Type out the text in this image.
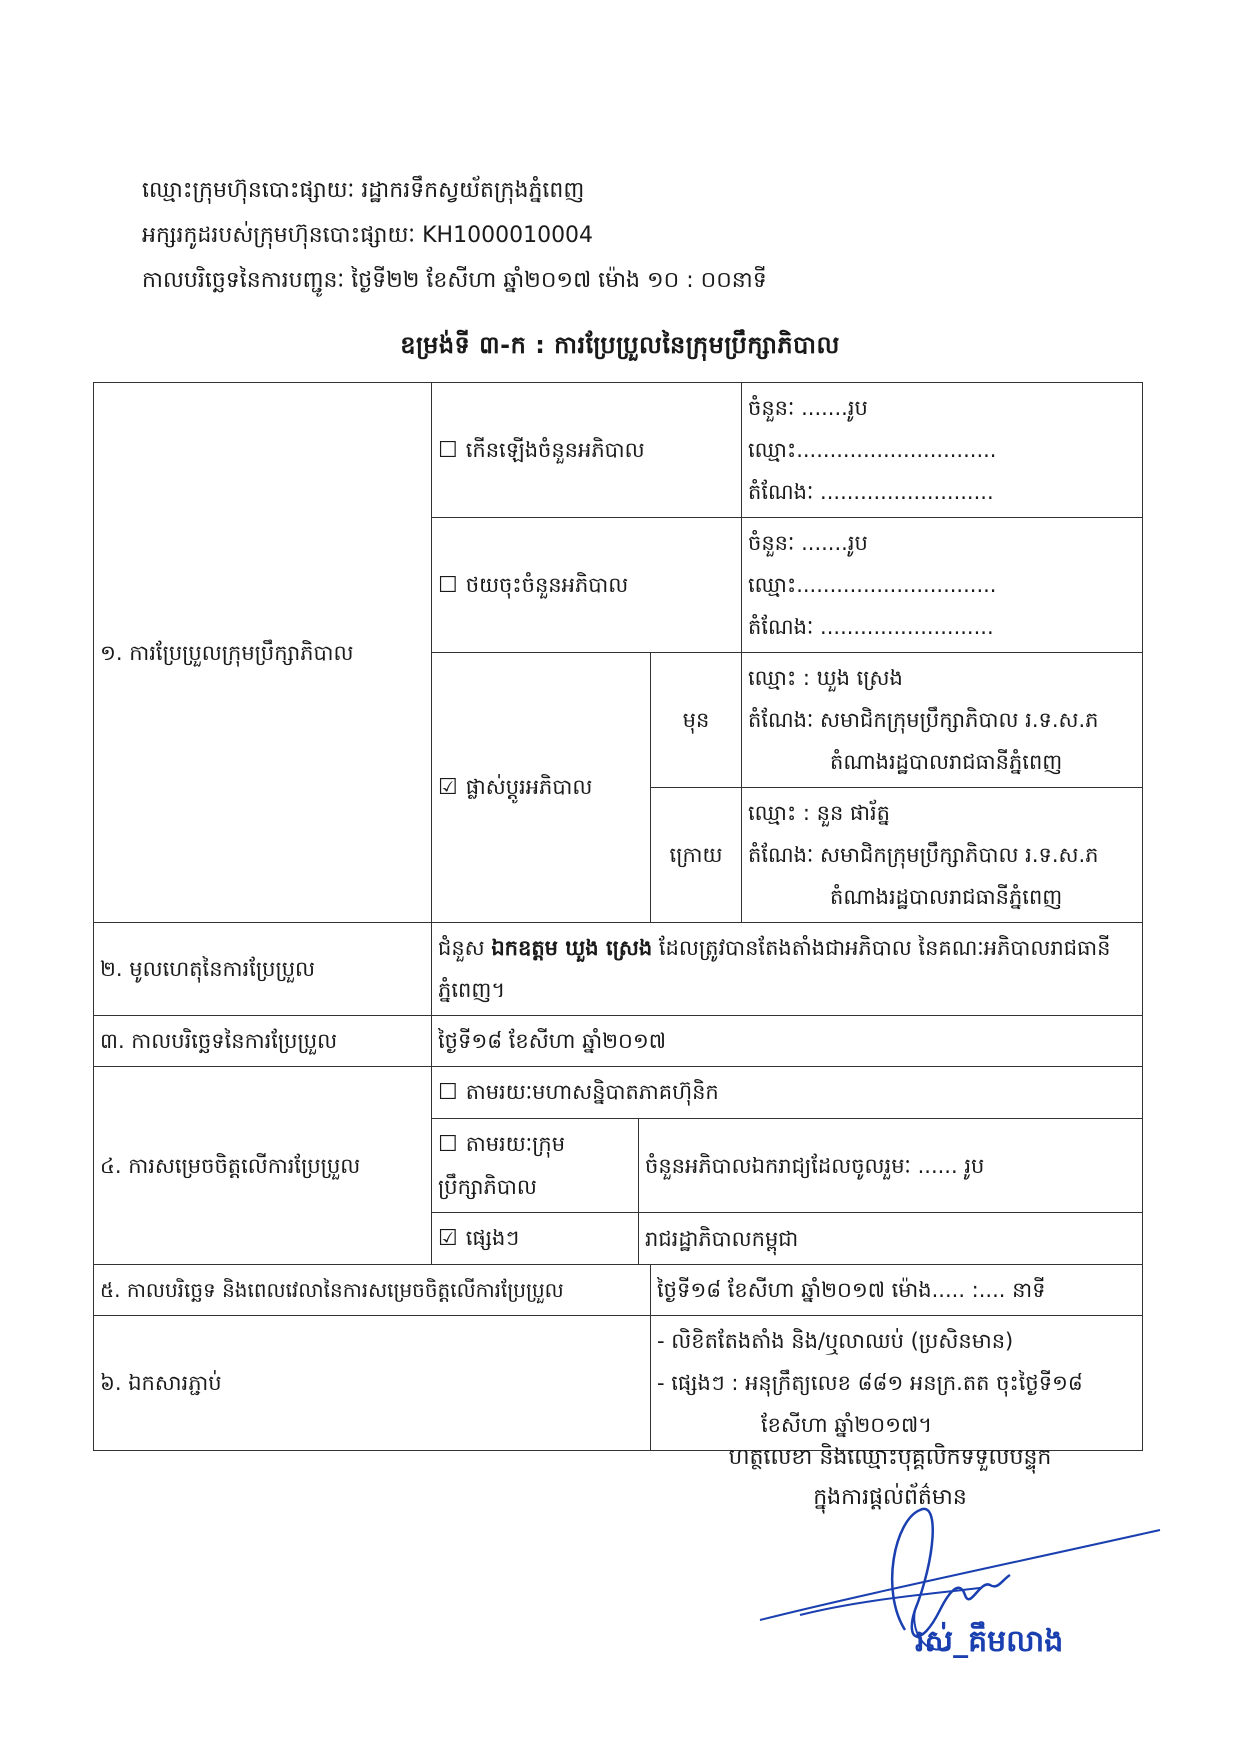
ឈ្មោះក្រុមហ៊ុនបោះផ្សាយៈ រដ្ឋាករទឹកស្វយ័តក្រុងភ្នំពេញ
អក្សរកូដរបស់ក្រុមហ៊ុនបោះផ្សាយៈ KH1000010004
កាលបរិច្ឆេទនៃការបញ្ជូនៈ ថ្ងៃទី២២ ខែសីហា ឆ្នាំ២០១៧ ម៉ោង ១០ : ០០នាទី
ឧម្រង់ទី ៣-ក : ការប្រែប្រួលនៃក្រុមប្រឹក្សាភិបាល
១. ការប្រែប្រួលក្រុមប្រឹក្សាភិបាល	☐ កើនឡើងចំនួនអភិបាល			ចំនួនៈ .......រូប
ឈ្មោះ..............................
តំណែងៈ ..........................

	☐ ថយចុះចំនួនអភិបាល			ចំនួនៈ .......រូប
ឈ្មោះ..............................
តំណែងៈ ..........................

	☑ ផ្លាស់ប្ដូរអភិបាល		មុន	ឈ្មោះ : ឃួង ស្រេង
តំណែងៈ សមាជិកក្រុមប្រឹក្សាភិបាល រ.ទ.ស.ភ
តំណាងរដ្ឋបាលរាជធានីភ្នំពេញ

			ក្រោយ	ឈ្មោះ : នួន ផារ័ត្ន
តំណែងៈ សមាជិកក្រុមប្រឹក្សាភិបាល រ.ទ.ស.ភ
តំណាងរដ្ឋបាលរាជធានីភ្នំពេញ

២. មូលហេតុនៃការប្រែប្រួល	ជំនួស ឯកឧត្តម ឃួង ស្រេង ដែលត្រូវបានតែងតាំងជាអភិបាល នៃគណៈអភិបាលរាជធានីភ្នំពេញ។			
៣. កាលបរិច្ឆេទនៃការប្រែប្រួល	ថ្ងៃទី១៨ ខែសីហា ឆ្នាំ២០១៧			
៤. ការសម្រេចចិត្តលើការប្រែប្រួល	☐ តាមរយៈមហាសន្និបាតភាគហ៊ុនិក			
	☐ តាមរយៈក្រុមប្រឹក្សាភិបាល	ចំនួនអភិបាលឯករាជ្យដែលចូលរួមៈ ...... រូប		
	☑ ផ្សេងៗ	រាជរដ្ឋាភិបាលកម្ពុជា		
៥. កាលបរិច្ឆេទ និងពេលវេលានៃការសម្រេចចិត្តលើការប្រែប្រួល			ថ្ងៃទី១៨ ខែសីហា ឆ្នាំ២០១៧ ម៉ោង..... :.... នាទី	
៦. ឯកសារភ្ជាប់			- លិខិតតែងតាំង និង/ឬលាឈប់ (ប្រសិនមាន)
- ផ្សេងៗ : អនុក្រឹត្យលេខ ៨៨១ អនក្រ.តត ចុះថ្ងៃទី១៨
ខែសីហា ឆ្នាំ២០១៧។	
ហត្ថលេខា និងឈ្មោះបុគ្គលិកទទួលបន្ទុក
ក្នុងការផ្ដល់ព័ត៌មាន
រស់_គឹមលាង
